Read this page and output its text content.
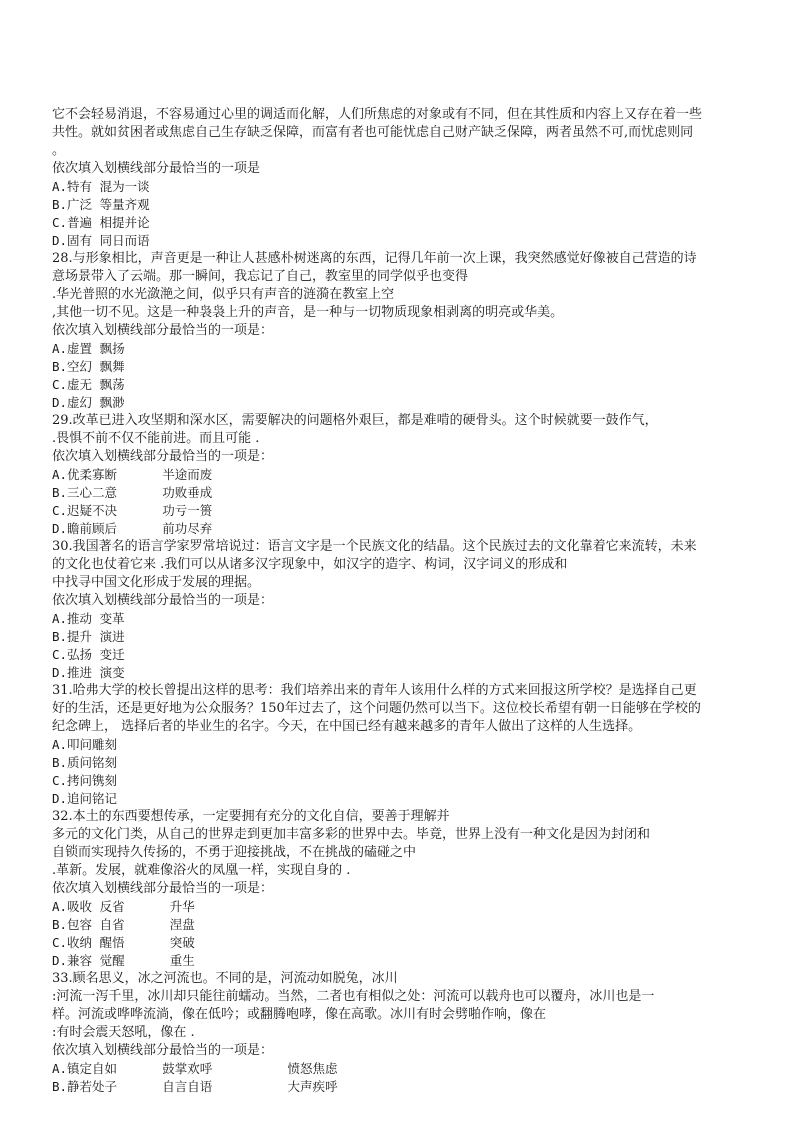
它不会轻易消退，不容易通过心里的调适而化解，人们所焦虑的对象或有不同，但在其性质和内容上又存在着一些
共性。就如贫困者或焦虑自己生存缺乏保障，而富有者也可能忧虑自己财产缺乏保障，两者虽然不可,而忧虑则同
。
依次填入划横线部分最恰当的一项是
A.特有 混为一谈
B.广泛 等量齐观
C.普遍 相提并论
D.固有 同日而语
28.与形象相比，声音更是一种让人甚感朴树迷离的东西，记得几年前一次上课，我突然感觉好像被自己营造的诗
意场景带入了云端。那一瞬间，我忘记了自己，教室里的同学似乎也变得
.华光普照的水光潋滟之间，似乎只有声音的涟漪在教室上空
,其他一切不见。这是一种袅袅上升的声音，是一种与一切物质现象相剥离的明亮或华美。
依次填入划横线部分最恰当的一项是：
A.虚置 飘扬
B.空幻 飘舞
C.虚无 飘荡
D.虚幻 飘渺
29.改革已进入攻坚期和深水区，需要解决的问题格外艰巨，都是难啃的硬骨头。这个时候就要一鼓作气，
.畏惧不前不仅不能前进。而且可能 .
依次填入划横线部分最恰当的一项是：
A.优柔寡断      半途而废
B.三心二意      功败垂成
C.迟疑不决      功亏一篑
D.瞻前顾后      前功尽弃
30.我国著名的语言学家罗常培说过：语言文字是一个民族文化的结晶。这个民族过去的文化靠着它来流转，未来
的文化也仗着它来 .我们可以从诸多汉字现象中，如汉字的造字、构词，汉字词义的形成和
中找寻中国文化形成于发展的理据。
依次填入划横线部分最恰当的一项是：
A.推动 变革
B.提升 演进
C.弘扬 变迁
D.推进 演变
31.哈弗大学的校长曾提出这样的思考：我们培养出来的青年人该用什么样的方式来回报这所学校？是选择自己更
好的生活，还是更好地为公众服务？150年过去了，这个问题仍然可以当下。这位校长希望有朝一日能够在学校的
纪念碑上， 选择后者的毕业生的名字。今天，在中国已经有越来越多的青年人做出了这样的人生选择。
A.叩问雕刻
B.质问铭刻
C.拷问镌刻
D.追问铭记
32.本土的东西要想传承，一定要拥有充分的文化自信，要善于理解并
多元的文化门类，从自己的世界走到更加丰富多彩的世界中去。毕竟，世界上没有一种文化是因为封闭和
自锁而实现持久传扬的，不勇于迎接挑战，不在挑战的磕碰之中
.革新。发展，就难像浴火的凤凰一样，实现自身的 .
依次填入划横线部分最恰当的一项是：
A.吸收 反省      升华
B.包容 自省      涅盘
C.收纳 醒悟      突破
D.兼容 觉醒      重生
33.顾名思义，冰之河流也。不同的是，河流动如脱兔，冰川
:河流一泻千里，冰川却只能往前蠕动。当然，二者也有相似之处：河流可以载舟也可以覆舟，冰川也是一
样。河流或哗哗流淌，像在低吟；或翻腾咆哮，像在高歌。冰川有时会劈啪作响，像在
:有时会震天怒吼，像在 .
依次填入划横线部分最恰当的一项是：
A.镇定自如      鼓掌欢呼          愤怒焦虑
B.静若处子      自言自语          大声疾呼
